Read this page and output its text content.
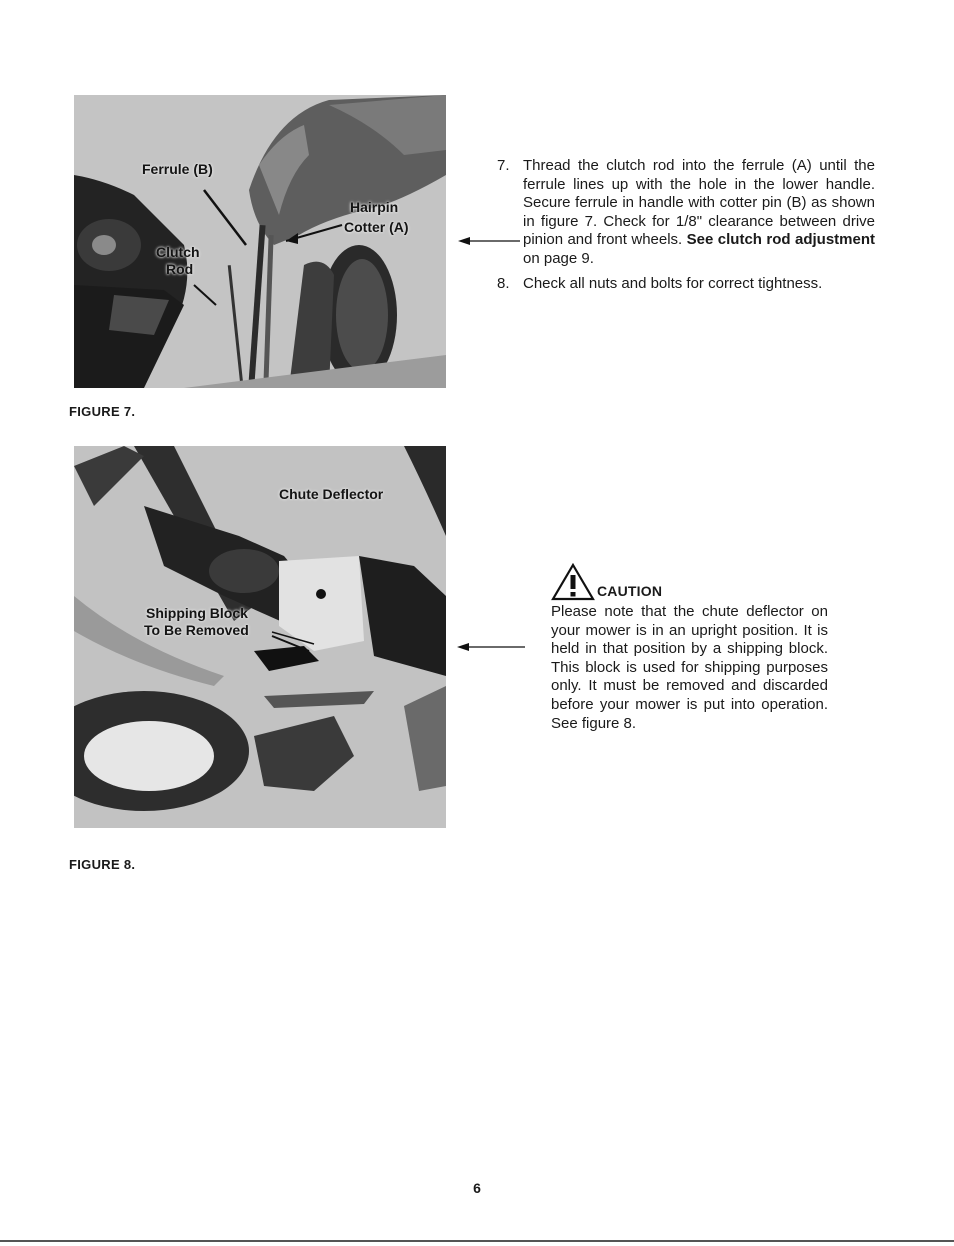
Ferrule (B)
Hairpin
Cotter (A)
Clutch
Rod
FIGURE 7.
Chute Deflector
Shipping Block
To Be Removed
FIGURE 8.
7. Thread the clutch rod into the ferrule (A) until the ferrule lines up with the hole in the lower handle. Secure ferrule in handle with cotter pin (B) as shown in figure 7. Check for 1/8" clearance between drive pinion and front wheels. See clutch rod adjustment on page 9.
8. Check all nuts and bolts for correct tightness.
CAUTION
Please note that the chute deflector on your mower is in an upright position. It is held in that position by a shipping block. This block is used for shipping purposes only. It must be removed and discarded before your mower is put into operation. See figure 8.
6
